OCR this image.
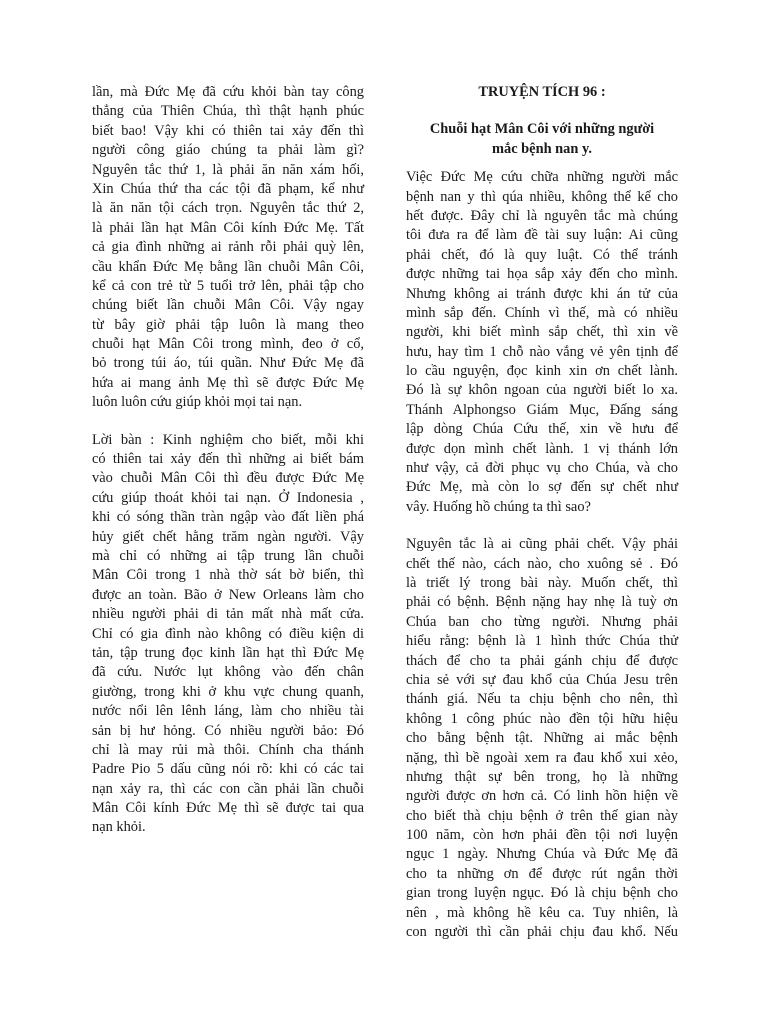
lần, mà Đức Mẹ đã cứu khỏi bàn tay công
thẳng của Thiên Chúa, thì thật hạnh phúc
biết bao! Vậy khi có thiên tai xảy đến thì
người công giáo chúng ta phải làm gì?
Nguyên tắc thứ 1, là phải ăn năn xám hối,
Xin Chúa thứ tha các tội đã phạm, kể như
là ăn năn tội cách trọn. Nguyên tắc thứ 2,
là phải lần hạt Mân Côi kính Đức Mẹ. Tất
cả gia đình những ai rảnh rỗi phải quỳ lên,
cầu khẩn Đức Mẹ bằng lần chuỗi Mân Côi,
kể cả con trẻ từ 5 tuổi trở lên, phải tập cho
chúng biết lần chuỗi Mân Côi. Vậy ngay
từ bây giờ phải tập luôn là mang theo
chuỗi hạt Mân Côi trong mình, đeo ở cổ,
bỏ trong túi áo, túi quần. Như Đức Mẹ đã
hứa ai mang ảnh Mẹ thì sẽ được Đức Mẹ
luôn luôn cứu giúp khỏi mọi tai nạn.
Lời bàn : Kinh nghiệm cho biết, mỗi khi
có thiên tai xảy đến thì những ai biết bám
vào chuỗi Mân Côi thì đều được Đức Mẹ
cứu giúp thoát khỏi tai nạn. Ở Indonesia ,
khi có sóng thần tràn ngập vào đất liền phá
hủy giết chết hằng trăm ngàn người. Vậy
mà chỉ có những ai tập trung lần chuỗi
Mân Côi trong 1 nhà thờ sát bờ biển, thì
được an toàn. Bão ở New Orleans làm cho
nhiều người phải di tản mất nhà mất cửa.
Chỉ có gia đình nào không có điều kiện di
tản, tập trung đọc kinh lần hạt thì Đức Mẹ
đã cứu. Nước lụt không vào đến chân
giường, trong khi ở khu vực chung quanh,
nước nổi lên lênh láng, làm cho nhiều tài
sản bị hư hỏng. Có nhiều người bảo: Đó
chỉ là may rủi mà thôi. Chính cha thánh
Padre Pio 5 dấu cũng nói rõ: khi có các tai
nạn xảy ra, thì các con cần phải lần chuỗi
Mân Côi kính Đức Mẹ thì sẽ được tai qua
nạn khỏi.
TRUYỆN TÍCH 96 :
Chuỗi hạt Mân Côi với những người
mắc bệnh nan y.
Việc Đức Mẹ cứu chữa những người mắc
bệnh nan y thì qúa nhiều, không thể kể cho
hết được. Đây chỉ là nguyên tắc mà chúng
tôi đưa ra để làm đề tài suy luận: Ai cũng
phải chết, đó là quy luật. Có thể tránh
được những tai họa sắp xảy đến cho mình.
Nhưng không ai tránh được khi án tử của
mình sắp đến. Chính vì thế, mà có nhiều
người, khi biết mình sắp chết, thì xin về
hưu, hay tìm 1 chỗ nào vắng vẻ yên tịnh để
lo cầu nguyện, đọc kinh xin ơn chết lành.
Đó là sự khôn ngoan của người biết lo xa.
Thánh Alphongso Giám Mục, Đấng sáng
lập dòng Chúa Cứu thế, xin về hưu để
được dọn mình chết lành. 1 vị thánh lớn
như vậy, cả đời phục vụ cho Chúa, và cho
Đức Mẹ, mà còn lo sợ đến sự chết như
vây. Huống hồ chúng ta thì sao?
Nguyên tắc là ai cũng phải chết. Vậy phải
chết thế nào, cách nào, cho xuông sẻ . Đó
là triết lý trong bài này. Muốn chết, thì
phải có bệnh. Bệnh nặng hay nhẹ là tuỳ ơn
Chúa ban cho từng người. Nhưng phải
hiểu rằng: bệnh là 1 hình thức Chúa thử
thách để cho ta phải gánh chịu để được
chia sẻ với sự đau khổ của Chúa Jesu trên
thánh giá. Nếu ta chịu bệnh cho nên, thì
không 1 công phúc nào đền tội hữu hiệu
cho bằng bệnh tật. Những ai mắc bệnh
nặng, thì bề ngoài xem ra đau khổ xui xẻo,
nhưng thật sự bên trong, họ là những
người được ơn hơn cả. Có linh hồn hiện về
cho biết thà chịu bệnh ở trên thế gian này
100 năm, còn hơn phải đền tội nơi luyện
ngục 1 ngày. Nhưng Chúa và Đức Mẹ đã
cho ta những ơn để được rút ngắn thời
gian trong luyện ngục. Đó là chịu bệnh cho
nên , mà không hề kêu ca. Tuy nhiên, là
con người thì cần phải chịu đau khổ. Nếu
